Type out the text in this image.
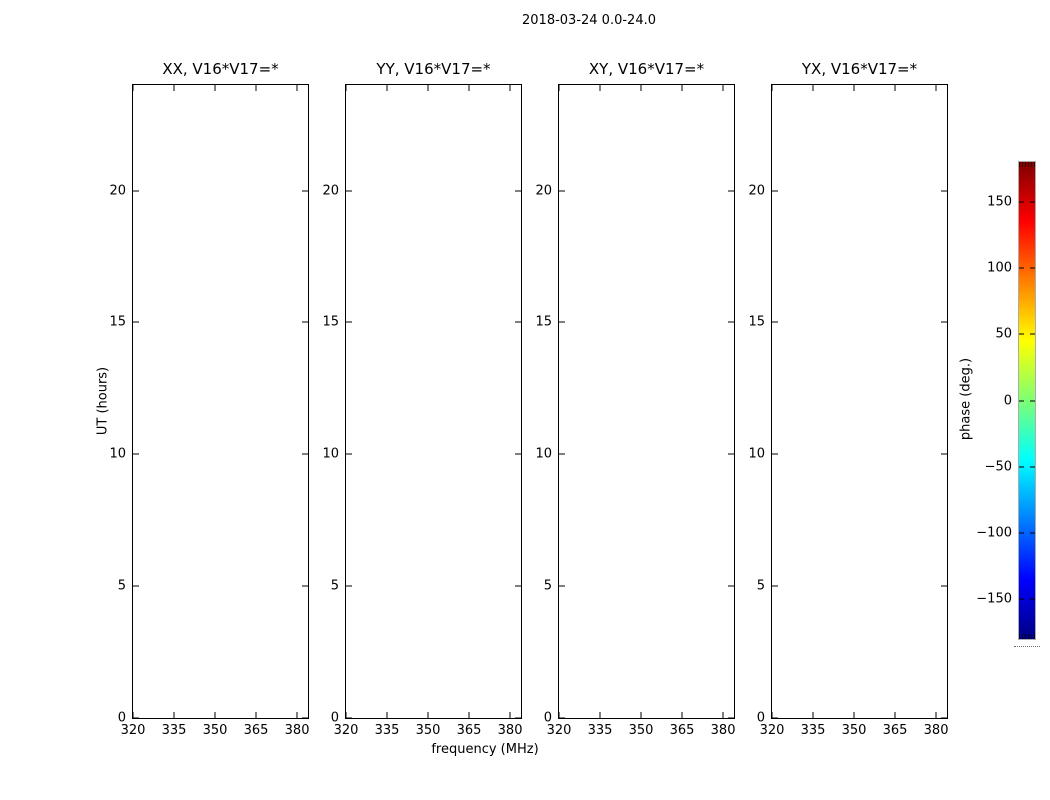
2018-03-24 0.0-24.0
XX, V16*V17=*
0
5
10
15
20
320 335 350 365 380
YY, V16*V17=*
0
5
10
15
20
320 335 350 365 380
XY, V16*V17=*
0
5
10
15
20
320 335 350 365 380
YX, V16*V17=*
0
5
10
15
20
320 335 350 365 380
UT (hours)
frequency (MHz)
150
100
50
0
−50
−100
−150
phase (deg.)
